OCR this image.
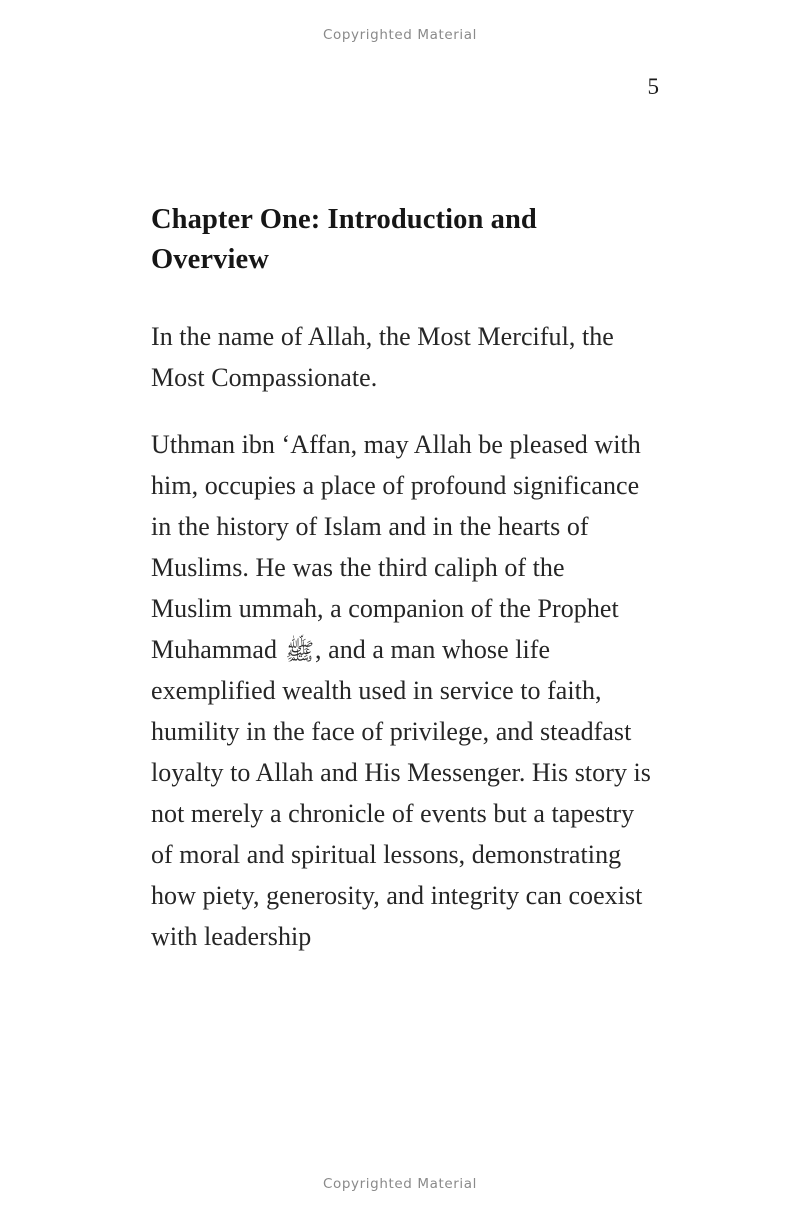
Copyrighted Material
5
Chapter One: Introduction and Overview

In the name of Allah, the Most Merciful, the Most Compassionate.

Uthman ibn ‘Affan, may Allah be pleased with him, occupies a place of profound significance in the history of Islam and in the hearts of Muslims. He was the third caliph of the Muslim ummah, a companion of the Prophet Muhammad ﷺ, and a man whose life exemplified wealth used in service to faith, humility in the face of privilege, and steadfast loyalty to Allah and His Messenger. His story is not merely a chronicle of events but a tapestry of moral and spiritual lessons, demonstrating how piety, generosity, and integrity can coexist with leadership

Copyrighted Material
